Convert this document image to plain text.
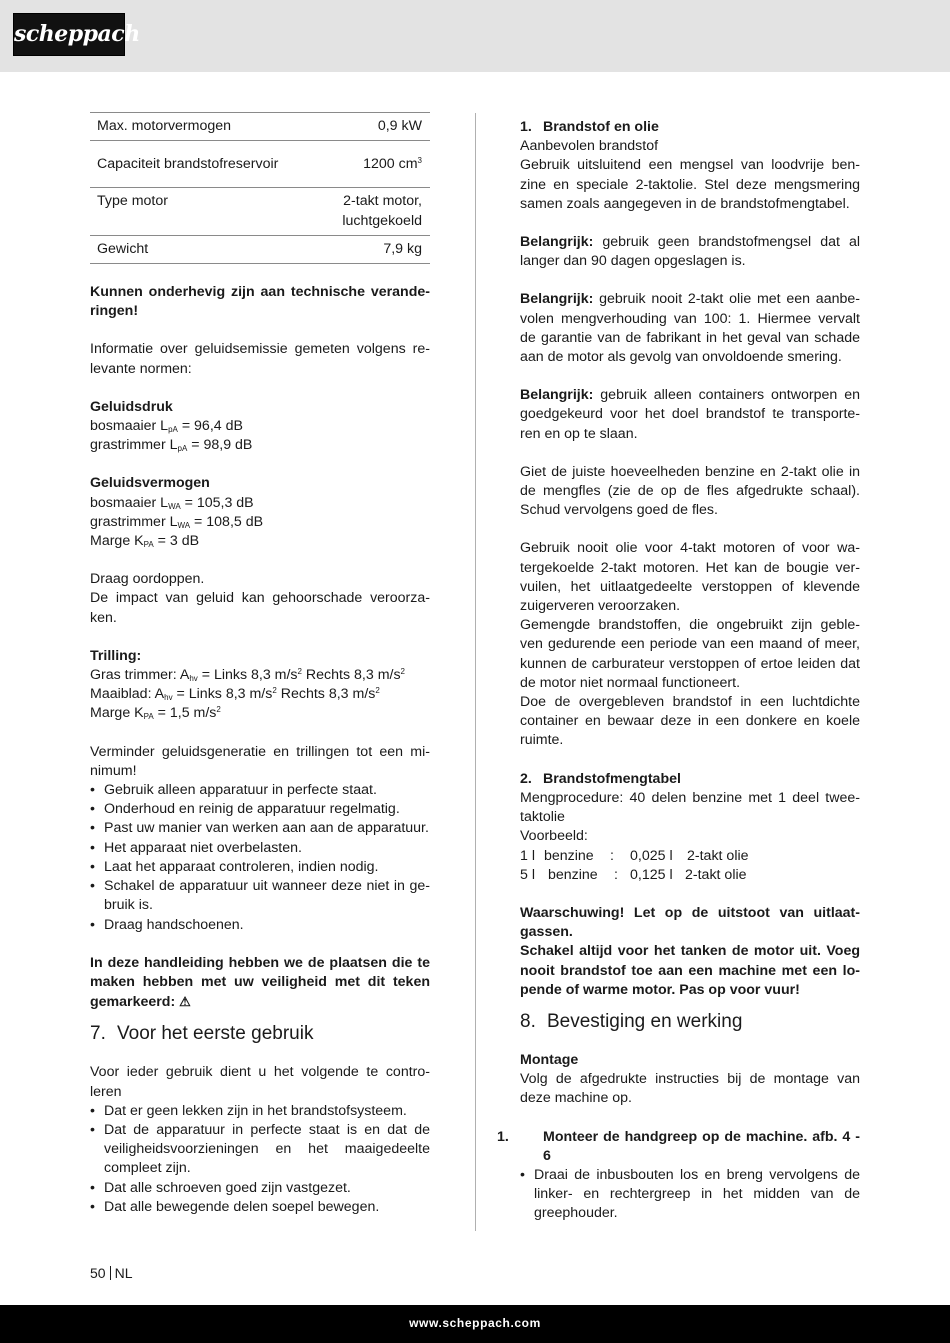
scheppach
Max. motorvermogen	0,9 kW
Capaciteit brandstofreservoir	1200 $cm^3$
Type motor	2-takt motor,
luchtgekoeld
Gewicht	7,9 kg

Kunnen onderhevig zijn aan technische verande-ringen!

Informatie over geluidsemissie gemeten volgens re-levante normen:

Geluidsdruk

bosmaaier $L_{pA} = 96,4$ dB

grastrimmer $L_{pA} = 98,9$ dB

Geluidsvermogen

bosmaaier $L_{WA} = 105,3$ dB

grastrimmer $L_{WA} = 108,5$ dB

Marge $K_{PA} = 3$ dB

Draag oordoppen.

De impact van geluid kan gehoorschade veroorza-ken.

Trilling:

Gras trimmer: $A_{hv}$ = Links 8,3 $m/s^2$ Rechts 8,3 $m/s^2$

Maaiblad: $A_{hv}$ = Links 8,3 $m/s^2$ Rechts 8,3 $m/s^2$

Marge $K_{PA} = 1,5$ $m/s^2$

Verminder geluidsgeneratie en trillingen tot een mi-nimum!

• Gebruik alleen apparatuur in perfecte staat.
• Onderhoud en reinig de apparatuur regelmatig.
• Past uw manier van werken aan aan de apparatuur.
• Het apparaat niet overbelasten.
• Laat het apparaat controleren, indien nodig.
• Schakel de apparatuur uit wanneer deze niet in ge-bruik is.
• Draag handschoenen.

In deze handleiding hebben we de plaatsen die te maken hebben met uw veiligheid met dit teken gemarkeerd: ⚠

7. Voor het eerste gebruik

Voor ieder gebruik dient u het volgende te contro-leren

• Dat er geen lekken zijn in het brandstofsysteem.
• Dat de apparatuur in perfecte staat is en dat de veiligheidsvoorzieningen en het maaigedeelte compleet zijn.
• Dat alle schroeven goed zijn vastgezet.
• Dat alle bewegende delen soepel bewegen.

1. Brandstof en olie

Aanbevolen brandstof

Gebruik uitsluitend een mengsel van loodvrije ben-zine en speciale 2-taktolie. Stel deze mengsmering samen zoals aangegeven in de brandstofmengtabel.

Belangrijk: gebruik geen brandstofmengsel dat al langer dan 90 dagen opgeslagen is.

Belangrijk: gebruik nooit 2-takt olie met een aanbe-volen mengverhouding van 100: 1. Hiermee vervalt de garantie van de fabrikant in het geval van schade aan de motor als gevolg van onvoldoende smering.

Belangrijk: gebruik alleen containers ontworpen en goedgekeurd voor het doel brandstof te transporte-ren en op te slaan.

Giet de juiste hoeveelheden benzine en 2-takt olie in de mengfles (zie de op de fles afgedrukte schaal). Schud vervolgens goed de fles.

Gebruik nooit olie voor 4-takt motoren of voor wa-tergekoelde 2-takt motoren. Het kan de bougie ver-vuilen, het uitlaatgedeelte verstoppen of klevende zuigerveren veroorzaken.

Gemengde brandstoffen, die ongebruikt zijn geble-ven gedurende een periode van een maand of meer, kunnen de carburateur verstoppen of ertoe leiden dat de motor niet normaal functioneert.

Doe de overgebleven brandstof in een luchtdichte container en bewaar deze in een donkere en koele ruimte.

2. Brandstofmengtabel

Mengprocedure: 40 delen benzine met 1 deel twee-taktolie

Voorbeeld:

1 l benzine : 0,025 l 2-takt olie

5 l benzine : 0,125 l 2-takt olie

Waarschuwing! Let op de uitstoot van uitlaat-gassen.

Schakel altijd voor het tanken de motor uit. Voeg nooit brandstof toe aan een machine met een lo-pende of warme motor. Pas op voor vuur!

8. Bevestiging en werking

Montage

Volg de afgedrukte instructies bij de montage van deze machine op.

1. Monteer de handgreep op de machine. afb. 4 - 6

• Draai de inbusbouten los en breng vervolgens de linker- en rechtergreep in het midden van de greephouder.
50 NL
www.scheppach.com
